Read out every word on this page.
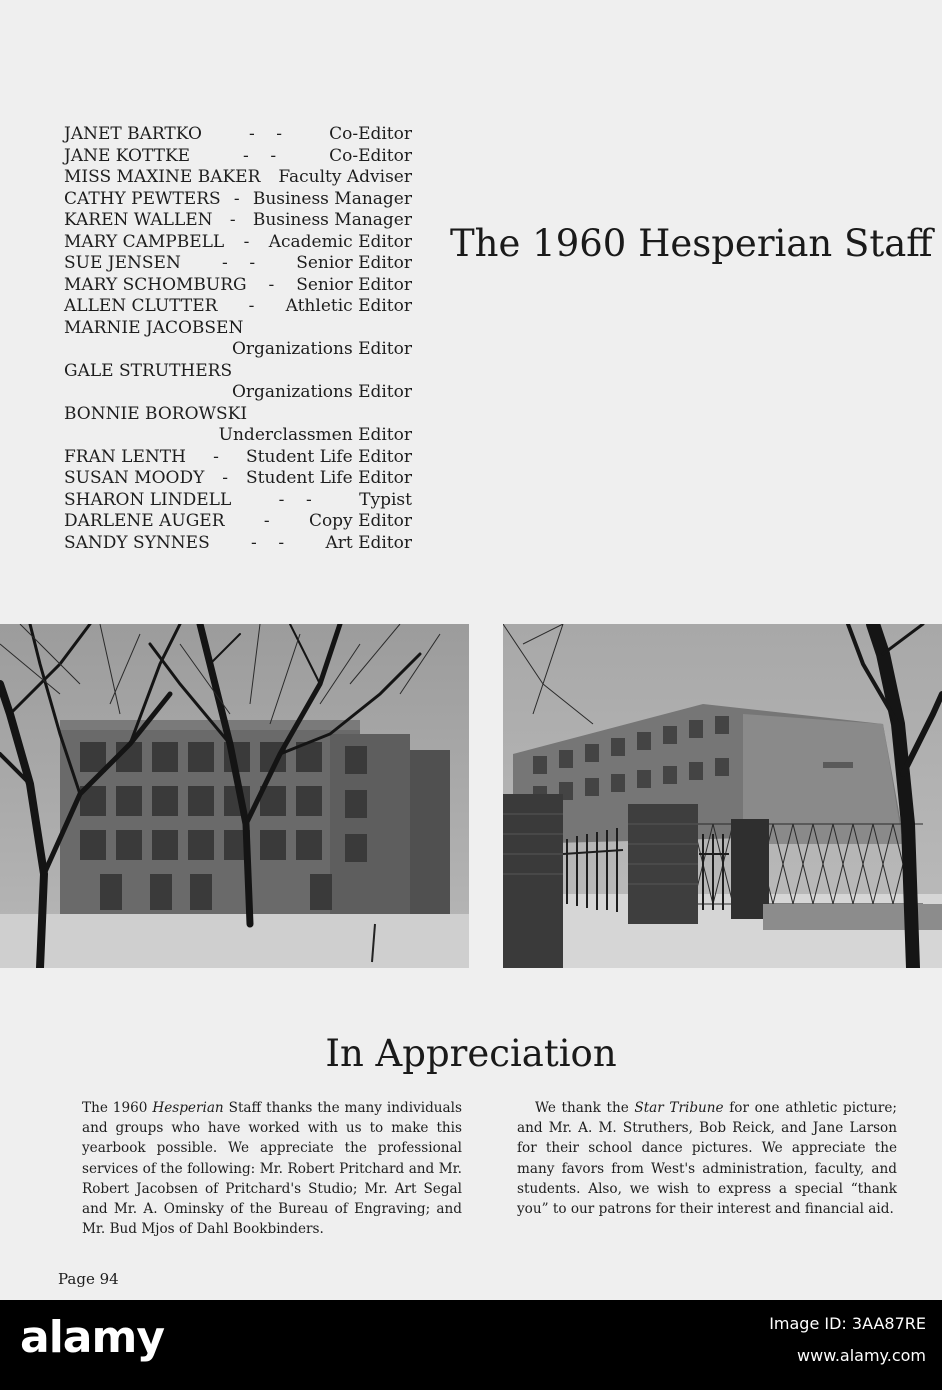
JANET BARTKO	-    -	Co-Editor
JANE KOTTKE	-    -	Co-Editor
MISS MAXINE BAKER Faculty Adviser
CATHY PEWTERS - Business Manager
KAREN WALLEN	-	Business Manager
MARY CAMPBELL	-	Academic Editor
SUE JENSEN	-    -	Senior Editor
MARY SCHOMBURG	-	Senior Editor
ALLEN CLUTTER	-	Athletic Editor
MARNIE JACOBSEN
Organizations Editor
GALE STRUTHERS
Organizations Editor
BONNIE BOROWSKI
Underclassmen Editor
FRAN LENTH	-	Student Life Editor
SUSAN MOODY	-	Student Life Editor
SHARON LINDELL	-    -	Typist
DARLENE AUGER	-	Copy Editor
SANDY SYNNES	-    -	Art Editor
The 1960 Hesperian Staff
In Appreciation

The 1960 Hesperian Staff thanks the many individuals and groups who have worked with us to make this yearbook possible. We appreciate the professional services of the following: Mr. Robert Pritchard and Mr. Robert Jacobsen of Pritchard's Studio; Mr. Art Segal and Mr. A. Ominsky of the Bureau of Engraving; and Mr. Bud Mjos of Dahl Bookbinders.

We thank the Star Tribune for one athletic picture; and Mr. A. M. Struthers, Bob Reick, and Jane Larson for their school dance pictures. We appreciate the many favors from West's administration, faculty, and students. Also, we wish to express a special “thank you” to our patrons for their interest and financial aid.

Page 94
alamy	Image ID: 3AA87RE
www.alamy.com
